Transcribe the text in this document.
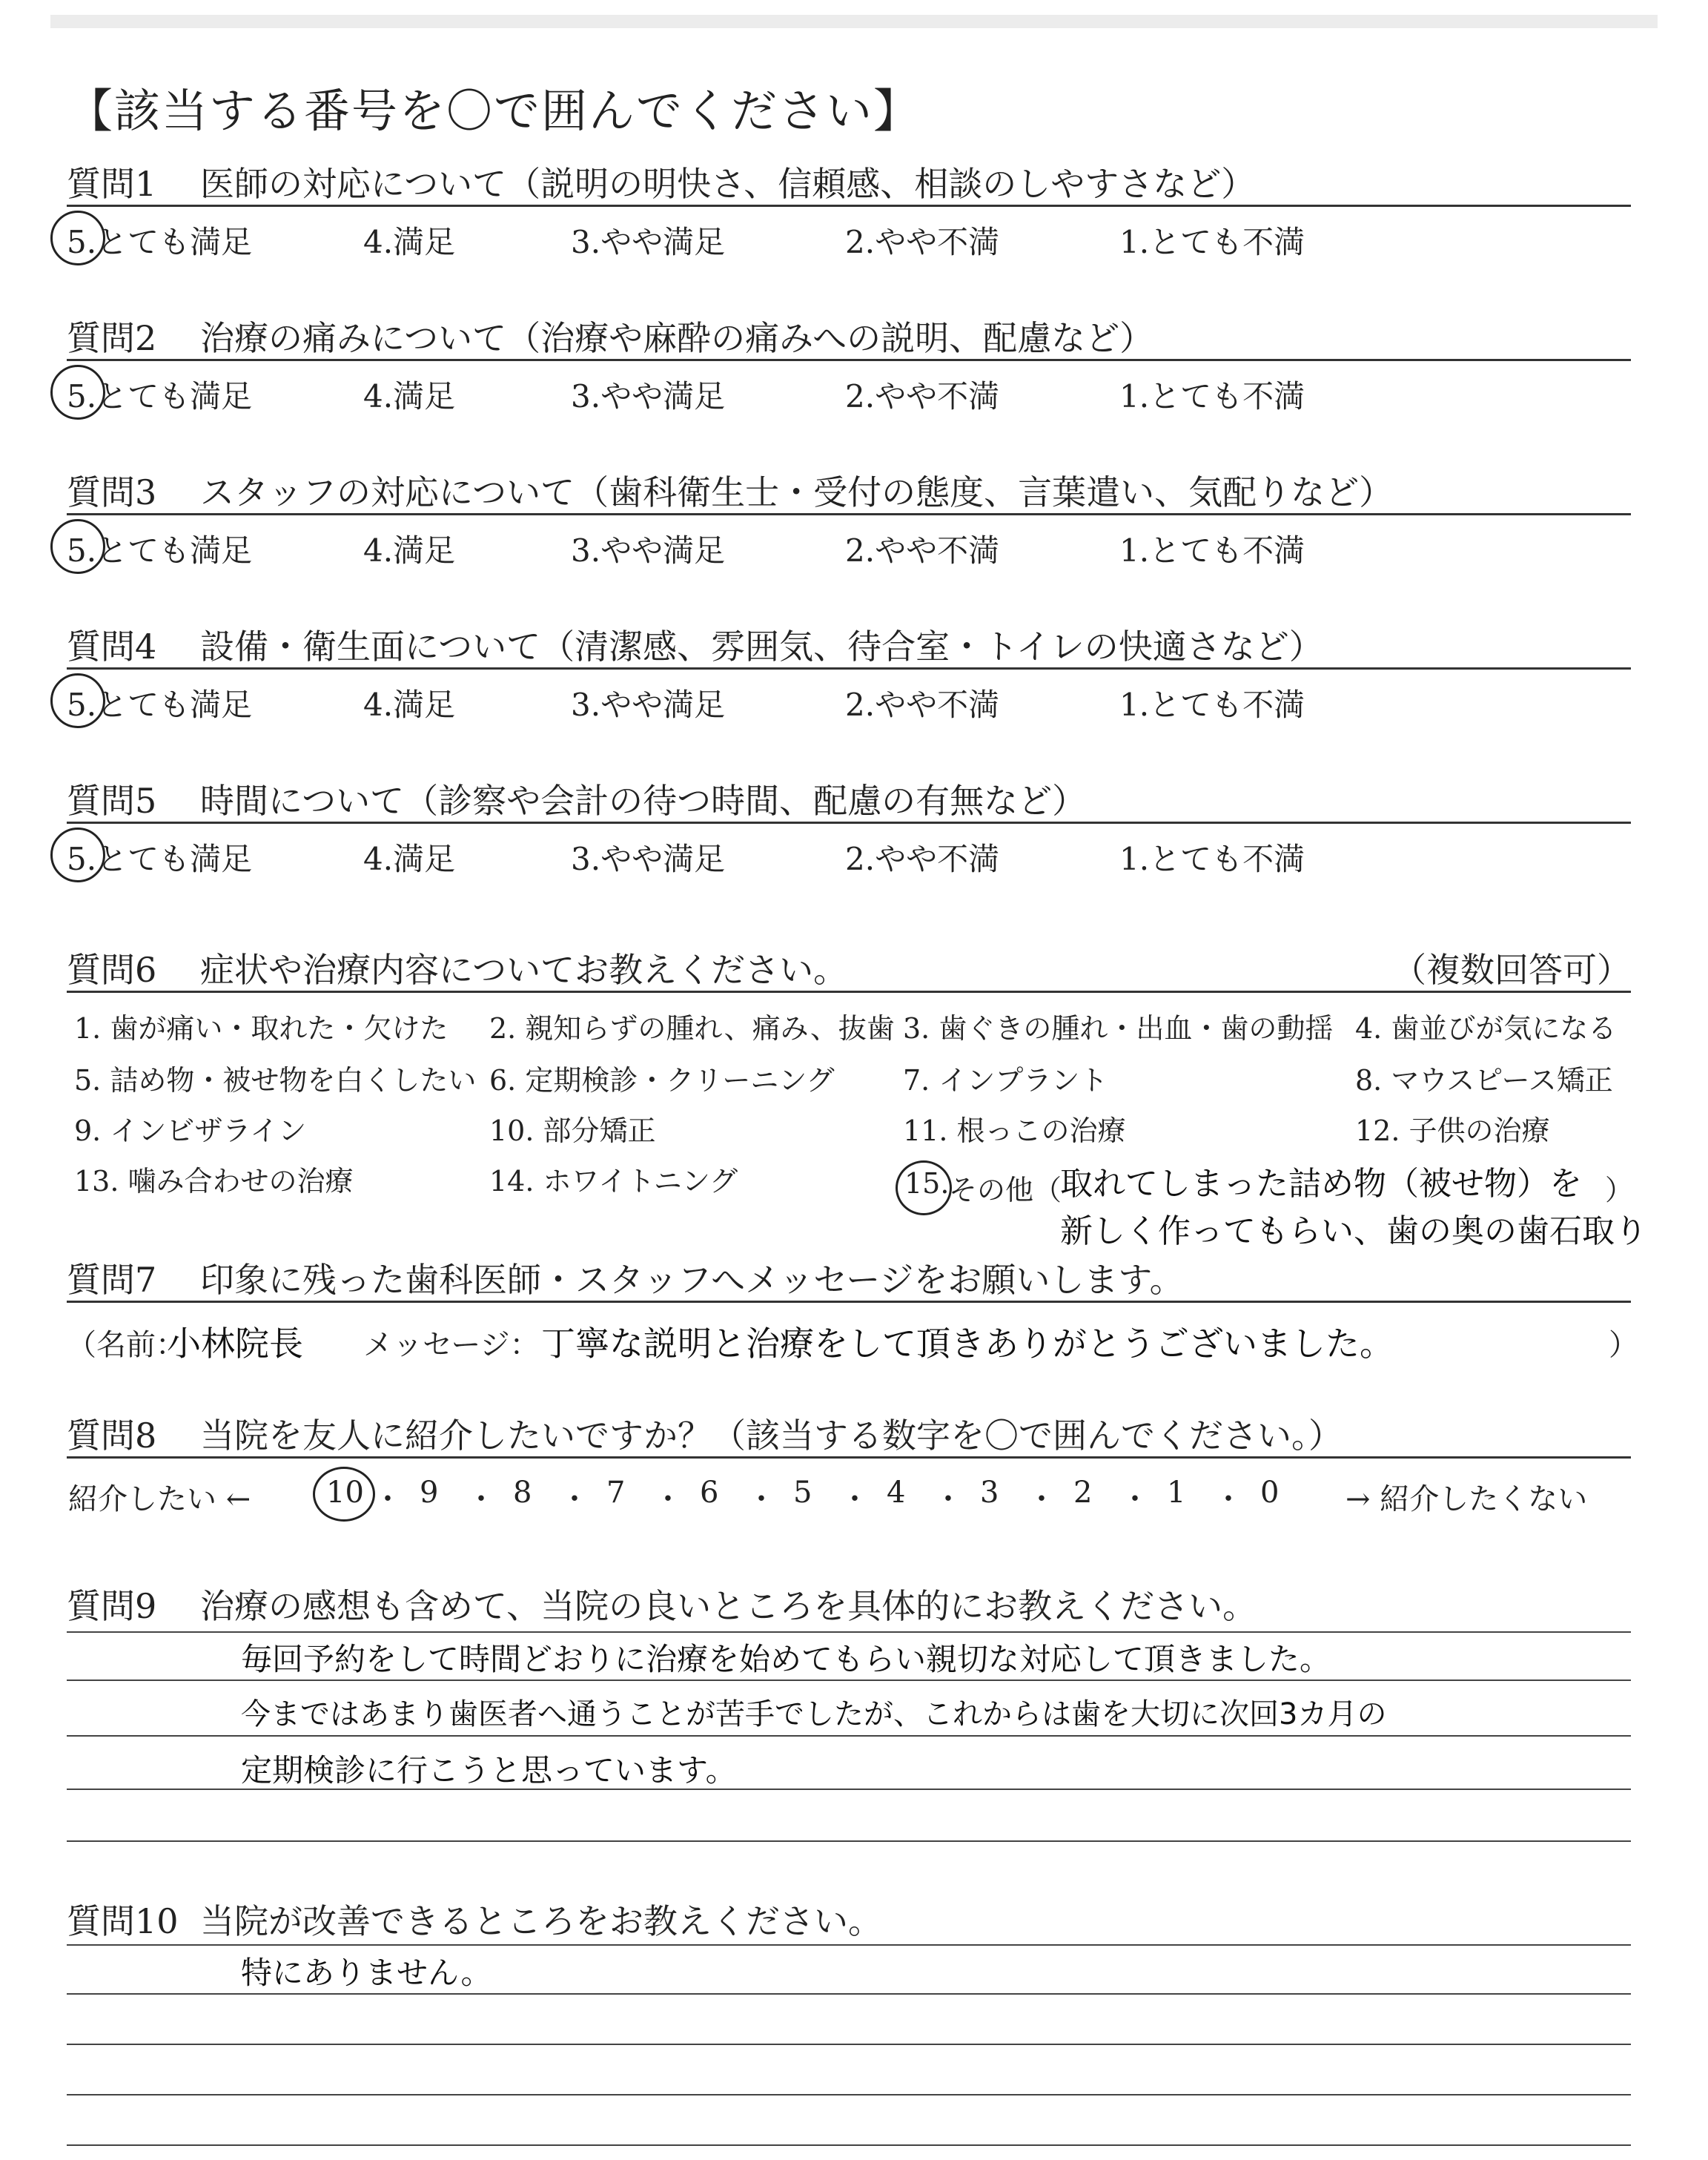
【該当する番号を〇で囲んでください】
質問1 医師の対応について（説明の明快さ、信頼感、相談のしやすさなど）
5.とても満足	4.満足	3.やや満足	2.やや不満	1.とても不満
質問2 治療の痛みについて（治療や麻酔の痛みへの説明、配慮など）
5.とても満足	4.満足	3.やや満足	2.やや不満	1.とても不満
質問3 スタッフの対応について（歯科衛生士・受付の態度、言葉遣い、気配りなど）
5.とても満足	4.満足	3.やや満足	2.やや不満	1.とても不満
質問4 設備・衛生面について（清潔感、雰囲気、待合室・トイレの快適さなど）
5.とても満足	4.満足	3.やや満足	2.やや不満	1.とても不満
質問5 時間について（診察や会計の待つ時間、配慮の有無など）
5.とても満足	4.満足	3.やや満足	2.やや不満	1.とても不満
質問6 症状や治療内容についてお教えください。	（複数回答可）
1. 歯が痛い・取れた・欠けた 2. 親知らずの腫れ、痛み、抜歯 3. 歯ぐきの腫れ・出血・歯の動揺 4. 歯並びが気になる
5. 詰め物・被せ物を白くしたい 6. 定期検診・クリーニング 7. インプラント	8. マウスピース矯正
9. インビザライン	10. 部分矯正	11. 根っこの治療	12. 子供の治療
13. 噛み合わせの治療	14. ホワイトニング	15. その他（
取れてしまった詰め物（被せ物）を ）
新しく作ってもらい、歯の奥の歯石取り
質問7 印象に残った歯科医師・スタッフへメッセージをお願いします。
（名前：
小林院長 メッセージ： 丁寧な説明と治療をして頂きありがとうございました。	）
質問8 当院を友人に紹介したいですか？（該当する数字を〇で囲んでください。）
紹介したい ←	10 ・ 9 ・ 8 ・ 7 ・ 6 ・ 5 ・ 4 ・ 3 ・ 2 ・ 1 ・ 0 → 紹介したくない
質問9 治療の感想も含めて、当院の良いところを具体的にお教えください。
毎回予約をして時間どおりに治療を始めてもらい親切な対応して頂きました。
今まではあまり歯医者へ通うことが苦手でしたが、これからは歯を大切に次回3カ月の
定期検診に行こうと思っています。
質問10 当院が改善できるところをお教えください。
特にありません。
